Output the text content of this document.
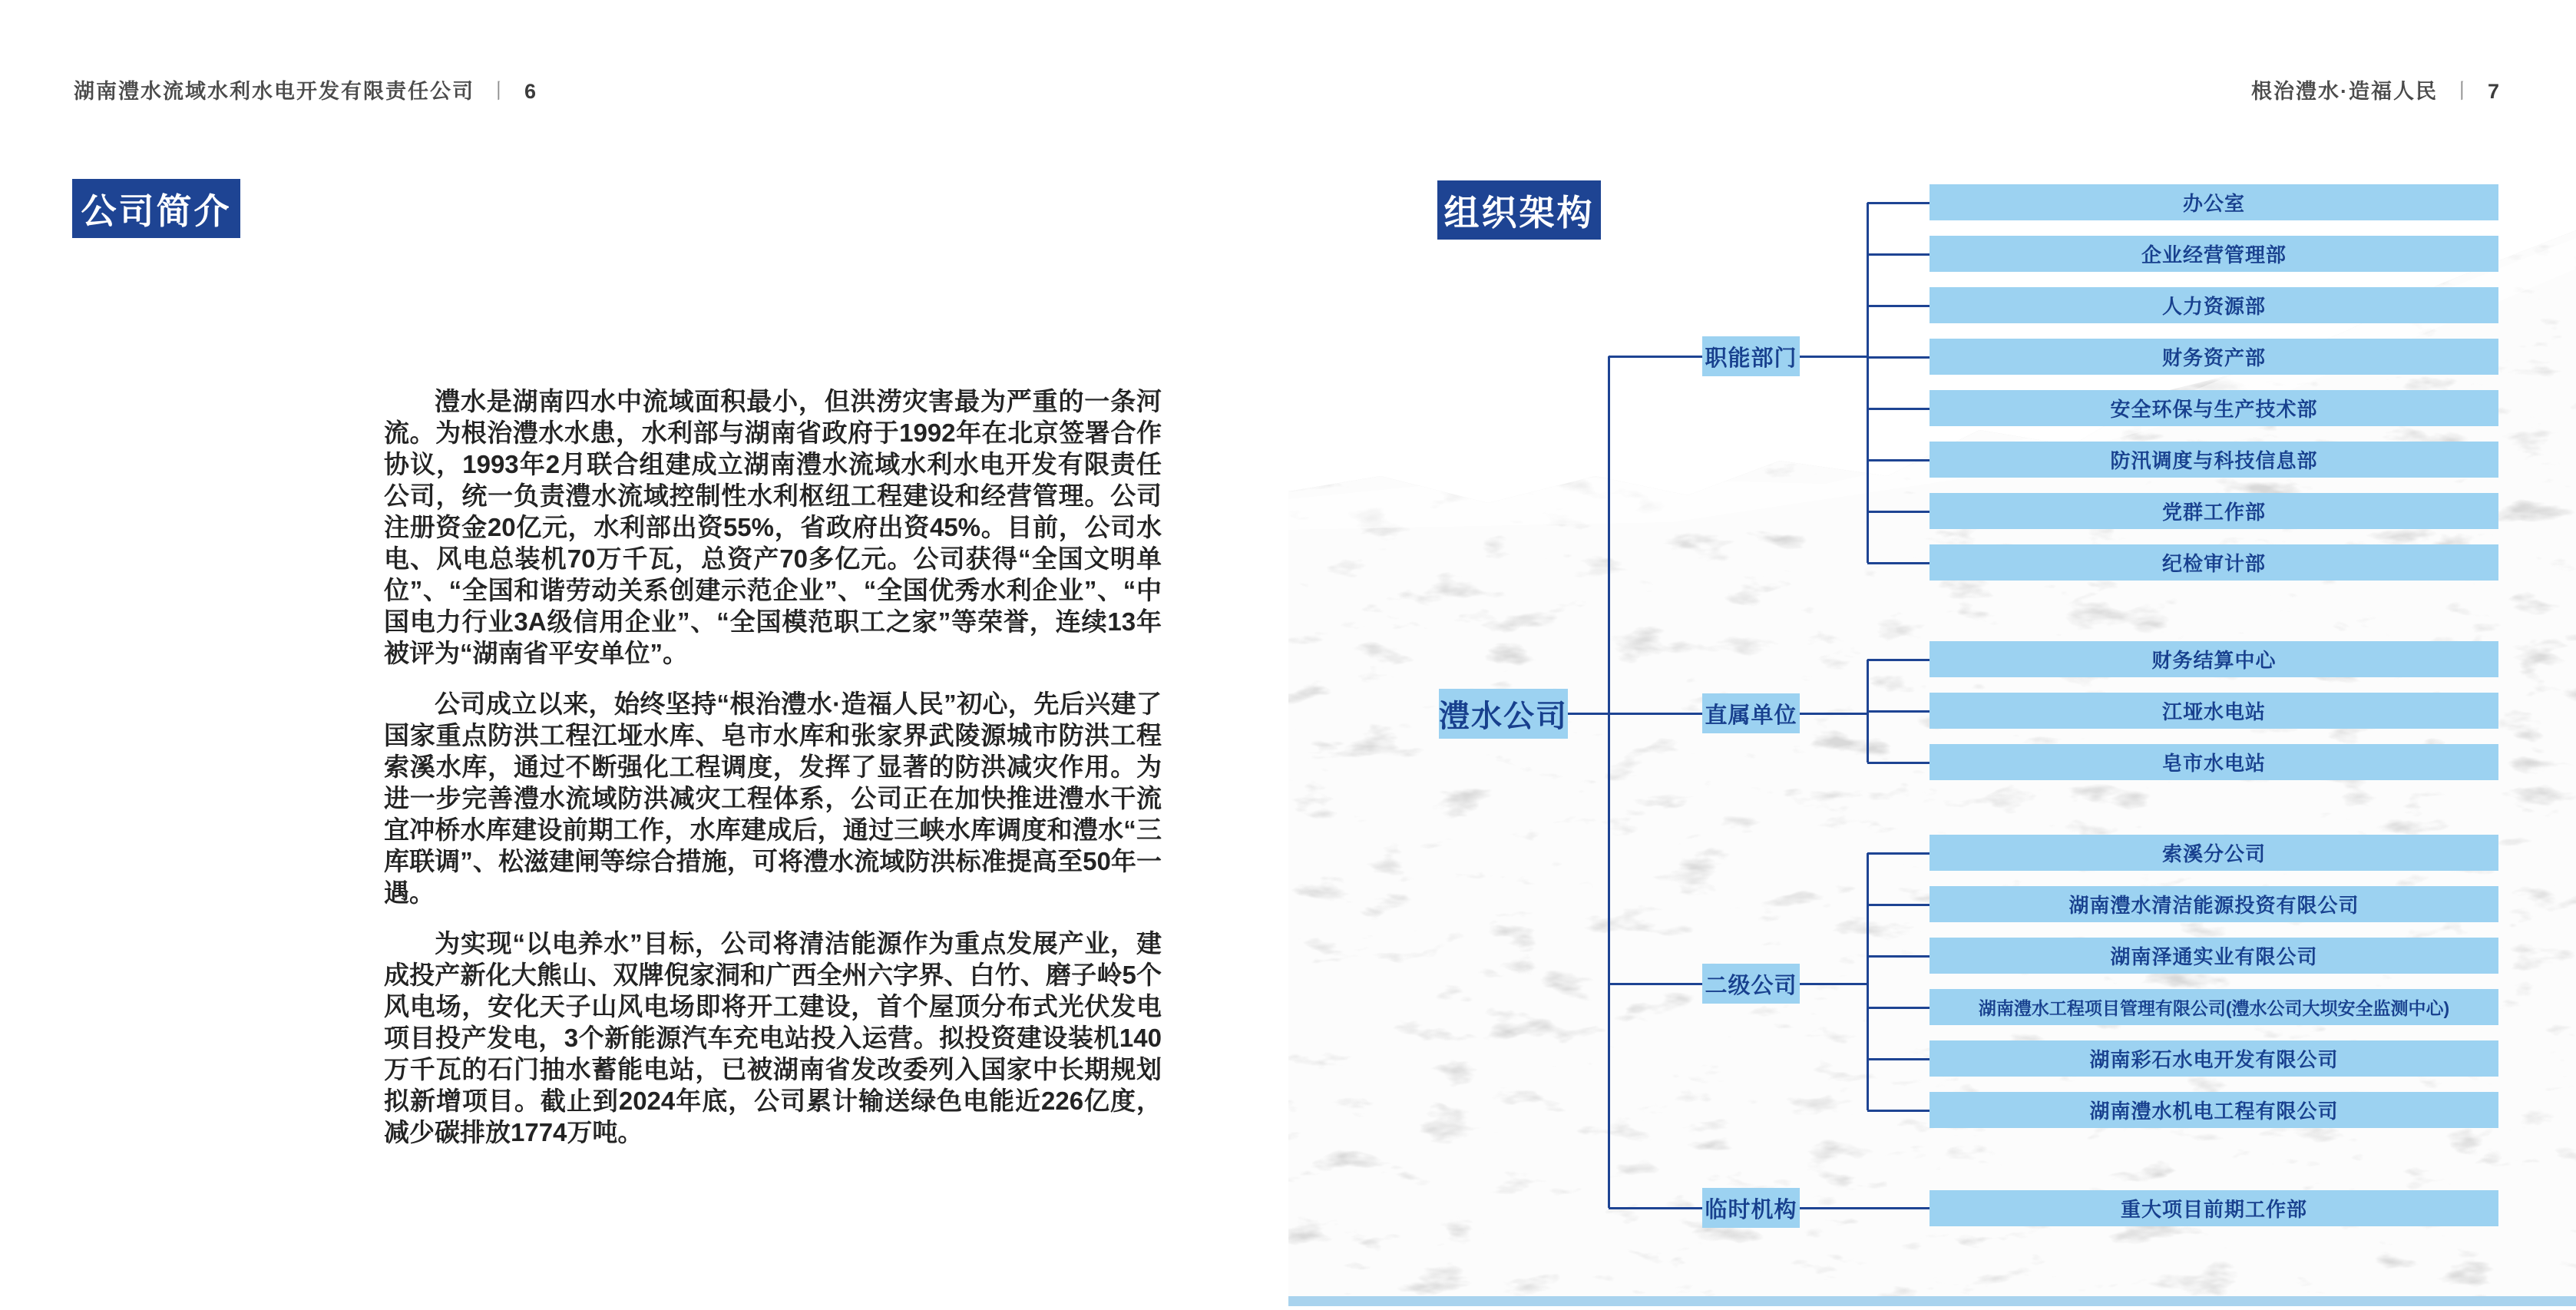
湖南澧水流域水利水电开发有限责任公司 丨 6	根治澧水·造福人民 丨 7
公司简介	组织架构

澧水是湖南四水中流域面积最小，但洪涝灾害最为严重的一条河流。为根治澧水水患，水利部与湖南省政府于1992年在北京签署合作协议，1993年2月联合组建成立湖南澧水流域水利水电开发有限责任公司，统一负责澧水流域控制性水利枢纽工程建设和经营管理。公司注册资金20亿元，水利部出资55%，省政府出资45%。目前，公司水电、风电总装机70万千瓦，总资产70多亿元。公司获得“全国文明单位”、“全国和谐劳动关系创建示范企业”、“全国优秀水利企业”、“中国电力行业3A级信用企业”、“全国模范职工之家”等荣誉，连续13年被评为“湖南省平安单位”。

公司成立以来，始终坚持“根治澧水·造福人民”初心，先后兴建了国家重点防洪工程江垭水库、皂市水库和张家界武陵源城市防洪工程索溪水库，通过不断强化工程调度，发挥了显著的防洪减灾作用。为进一步完善澧水流域防洪减灾工程体系，公司正在加快推进澧水干流宜冲桥水库建设前期工作，水库建成后，通过三峡水库调度和澧水“三库联调”、松滋建闸等综合措施，可将澧水流域防洪标准提高至50年一遇。

为实现“以电养水”目标，公司将清洁能源作为重点发展产业，建成投产新化大熊山、双牌倪家洞和广西全州六字界、白竹、磨子岭5个风电场，安化天子山风电场即将开工建设，首个屋顶分布式光伏发电项目投产发电，3个新能源汽车充电站投入运营。拟投资建设装机140万千瓦的石门抽水蓄能电站，已被湖南省发改委列入国家中长期规划拟新增项目。截止到2024年底，公司累计输送绿色电能近226亿度，减少碳排放1774万吨。

澧水公司
职能部门
办公室
企业经营管理部
人力资源部
财务资产部
安全环保与生产技术部
防汛调度与科技信息部
党群工作部
纪检审计部
直属单位
财务结算中心
江垭水电站
皂市水电站
二级公司
索溪分公司
湖南澧水清洁能源投资有限公司
湖南泽通实业有限公司
湖南澧水工程项目管理有限公司(澧水公司大坝安全监测中心)
湖南彩石水电开发有限公司
湖南澧水机电工程有限公司
临时机构	重大项目前期工作部
